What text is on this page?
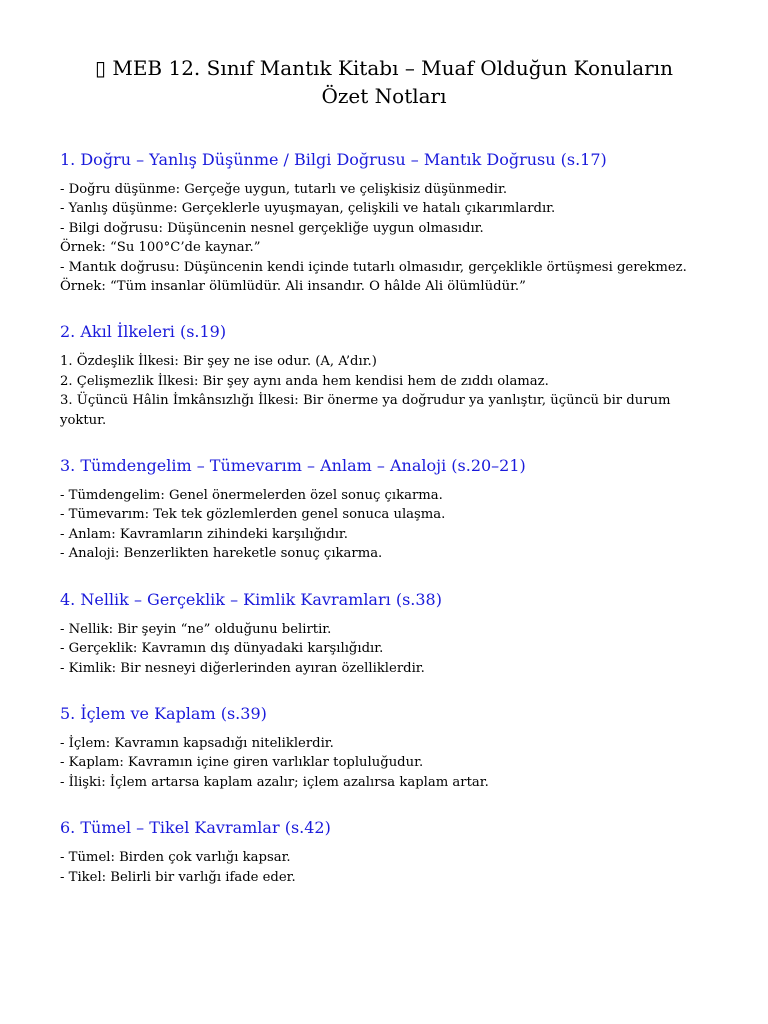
▯ MEB 12. Sınıf Mantık Kitabı – Muaf Olduğun Konuların
Özet Notları
1. Doğru – Yanlış Düşünme / Bilgi Doğrusu – Mantık Doğrusu (s.17)
- Doğru düşünme: Gerçeğe uygun, tutarlı ve çelişkisiz düşünmedir.
- Yanlış düşünme: Gerçeklerle uyuşmayan, çelişkili ve hatalı çıkarımlardır.
- Bilgi doğrusu: Düşüncenin nesnel gerçekliğe uygun olmasıdır.
Örnek: “Su 100°C’de kaynar.”
- Mantık doğrusu: Düşüncenin kendi içinde tutarlı olmasıdır, gerçeklikle örtüşmesi gerekmez.
Örnek: “Tüm insanlar ölümlüdür. Ali insandır. O hâlde Ali ölümlüdür.”
2. Akıl İlkeleri (s.19)
1. Özdeşlik İlkesi: Bir şey ne ise odur. (A, A’dır.)
2. Çelişmezlik İlkesi: Bir şey aynı anda hem kendisi hem de zıddı olamaz.
3. Üçüncü Hâlin İmkânsızlığı İlkesi: Bir önerme ya doğrudur ya yanlıştır, üçüncü bir durum yoktur.
3. Tümdengelim – Tümevarım – Anlam – Analoji (s.20–21)
- Tümdengelim: Genel önermelerden özel sonuç çıkarma.
- Tümevarım: Tek tek gözlemlerden genel sonuca ulaşma.
- Anlam: Kavramların zihindeki karşılığıdır.
- Analoji: Benzerlikten hareketle sonuç çıkarma.
4. Nellik – Gerçeklik – Kimlik Kavramları (s.38)
- Nellik: Bir şeyin “ne” olduğunu belirtir.
- Gerçeklik: Kavramın dış dünyadaki karşılığıdır.
- Kimlik: Bir nesneyi diğerlerinden ayıran özelliklerdir.
5. İçlem ve Kaplam (s.39)
- İçlem: Kavramın kapsadığı niteliklerdir.
- Kaplam: Kavramın içine giren varlıklar topluluğudur.
- İlişki: İçlem artarsa kaplam azalır; içlem azalırsa kaplam artar.
6. Tümel – Tikel Kavramlar (s.42)
- Tümel: Birden çok varlığı kapsar.
- Tikel: Belirli bir varlığı ifade eder.
